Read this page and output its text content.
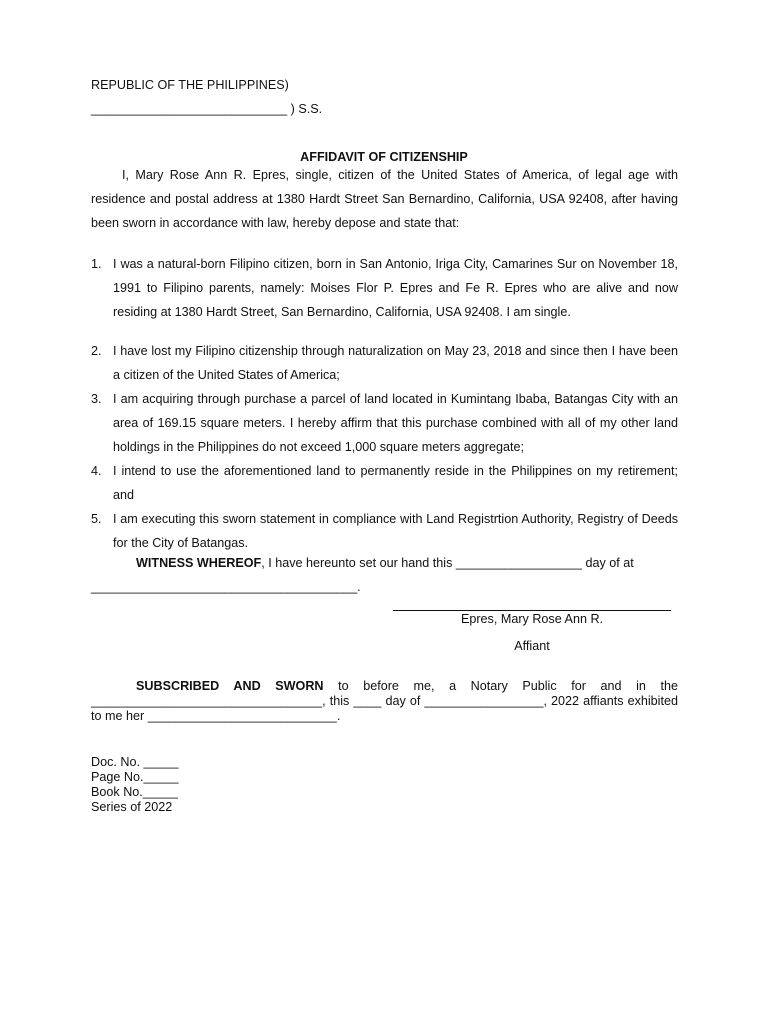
REPUBLIC OF THE PHILIPPINES)
____________________________ ) S.S.
AFFIDAVIT OF CITIZENSHIP
I, Mary Rose Ann R. Epres, single, citizen of the United States of America, of legal age with residence and postal address at 1380 Hardt Street San Bernardino, California, USA 92408, after having been sworn in accordance with law, hereby depose and state that:
1. I was a natural-born Filipino citizen, born in San Antonio, Iriga City, Camarines Sur on November 18, 1991 to Filipino parents, namely: Moises Flor P. Epres and Fe R. Epres who are alive and now residing at 1380 Hardt Street, San Bernardino, California, USA 92408. I am single.
2. I have lost my Filipino citizenship through naturalization on May 23, 2018 and since then I have been a citizen of the United States of America;
3. I am acquiring through purchase a parcel of land located in Kumintang Ibaba, Batangas City with an area of 169.15 square meters. I hereby affirm that this purchase combined with all of my other land holdings in the Philippines do not exceed 1,000 square meters aggregate;
4. I intend to use the aforementioned land to permanently reside in the Philippines on my retirement; and
5. I am executing this sworn statement in compliance with Land Registrtion Authority, Registry of Deeds for the City of Batangas.
WITNESS WHEREOF, I have hereunto set our hand this __________________ day of at
______________________________________.
Epres, Mary Rose Ann R.
Affiant
SUBSCRIBED AND SWORN to before me, a Notary Public for and in the _________________________________, this ____ day of _________________, 2022 affiants exhibited to me her ___________________________.
Doc. No. _____
Page No._____
Book No._____
Series of 2022
